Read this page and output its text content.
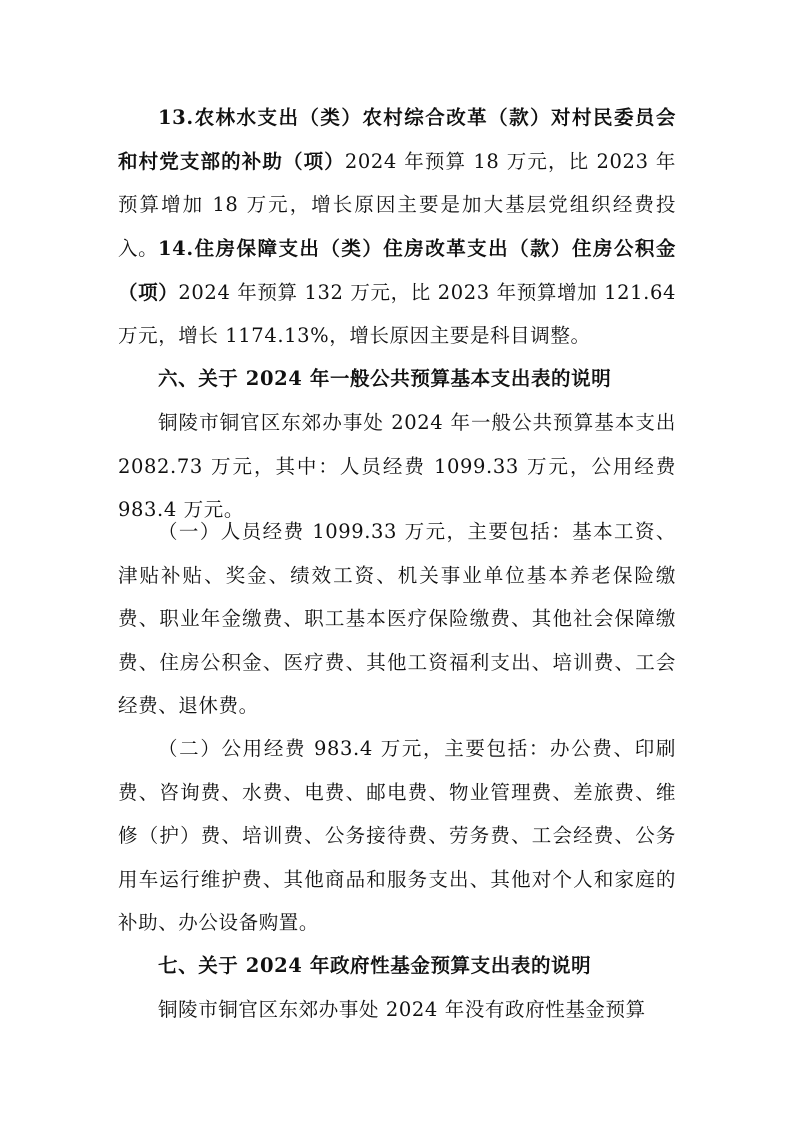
13.农林水支出（类）农村综合改革（款）对村民委员会和村党支部的补助（项）2024 年预算 18 万元，比 2023 年预算增加 18 万元，增长原因主要是加大基层党组织经费投入。 14.住房保障支出（类）住房改革支出（款）住房公积金（项）2024 年预算 132 万元，比 2023 年预算增加 121.64 万元，增长 1174.13%，增长原因主要是科目调整。

六、关于 2024 年一般公共预算基本支出表的说明

铜陵市铜官区东郊办事处 2024 年一般公共预算基本支出 2082.73 万元，其中：人员经费 1099.33 万元，公用经费 983.4 万元。

（一）人员经费 1099.33 万元，主要包括：基本工资、津贴补贴、奖金、绩效工资、机关事业单位基本养老保险缴费、职业年金缴费、职工基本医疗保险缴费、其他社会保障缴费、住房公积金、医疗费、其他工资福利支出、培训费、工会经费、退休费。

（二）公用经费 983.4 万元，主要包括：办公费、印刷费、咨询费、水费、电费、邮电费、物业管理费、差旅费、维修（护）费、培训费、公务接待费、劳务费、工会经费、公务用车运行维护费、其他商品和服务支出、其他对个人和家庭的补助、办公设备购置。

七、关于 2024 年政府性基金预算支出表的说明

铜陵市铜官区东郊办事处 2024 年没有政府性基金预算
